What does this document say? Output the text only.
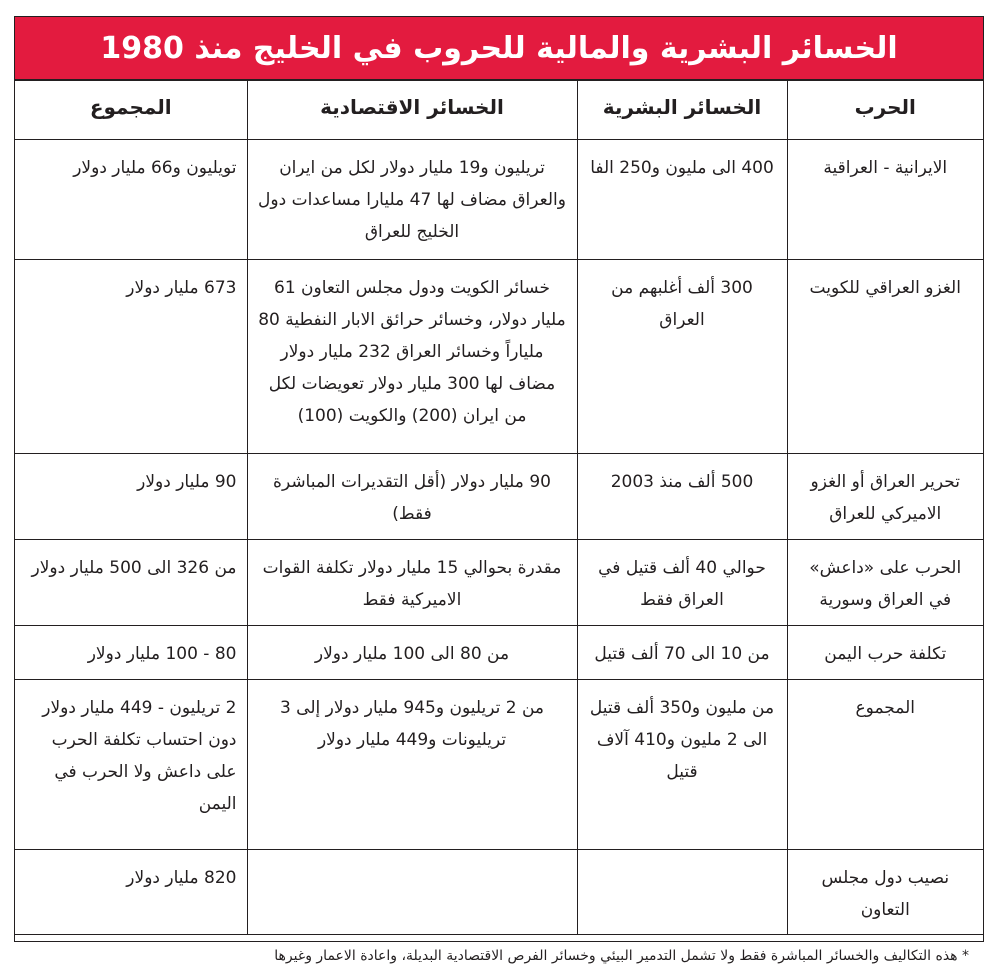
الخسائر البشرية والمالية للحروب في الخليج منذ 1980
الحرب	الخسائر البشرية	الخسائر الاقتصادية	المجموع
الايرانية - العراقية	400 الى مليون و250 الفا	تريليون و19 مليار دولار لكل من ايران والعراق مضاف لها 47 مليارا مساعدات دول الخليج للعراق	تويليون و66 مليار دولار
الغزو العراقي للكويت	300 ألف أغلبهم من العراق	خسائر الكويت ودول مجلس التعاون 61 مليار دولار، وخسائر حرائق الابار النفطية 80 ملياراً وخسائر العراق 232 مليار دولار مضاف لها 300 مليار دولار تعويضات لكل من ايران (200) والكويت (100)	673 مليار دولار
تحرير العراق أو الغزو الاميركي للعراق	500 ألف منذ 2003	90 مليار دولار (أقل التقديرات المباشرة فقط)	90 مليار دولار
الحرب على «داعش» في العراق وسورية	حوالي 40 ألف قتيل في العراق فقط	مقدرة بحوالي 15 مليار دولار تكلفة القوات الاميركية فقط	من 326 الى 500 مليار دولار
تكلفة حرب اليمن	من 10 الى 70 ألف قتيل	من 80 الى 100 مليار دولار	80 - 100 مليار دولار
المجموع	من مليون و350 ألف قتيل الى 2 مليون و410 آلاف قتيل	من 2 تريليون و945 مليار دولار إلى 3 تريليونات و449 مليار دولار	2 تريليون - 449 مليار دولار دون احتساب تكلفة الحرب على داعش ولا الحرب في اليمن
نصيب دول مجلس التعاون			820 مليار دولار
* هذه التكاليف والخسائر المباشرة فقط ولا تشمل التدمير البيئي وخسائر الفرص الاقتصادية البديلة، واعادة الاعمار وغيرها
